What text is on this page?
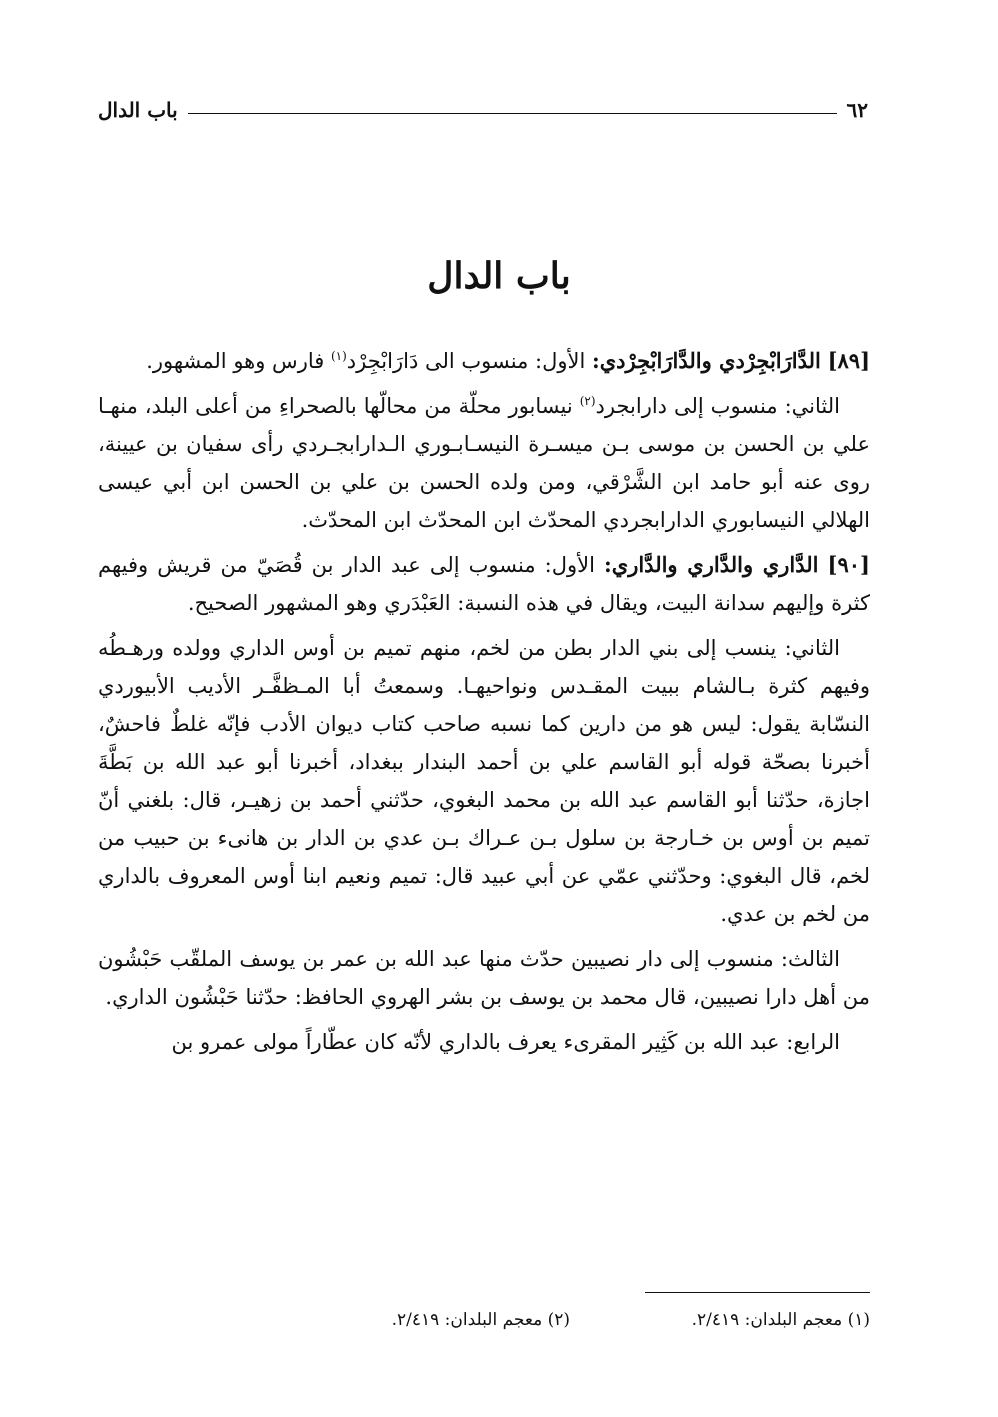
٦٢
باب الدال
باب الدال

[٨٩] الدَّارَابْجِرْدي والدَّارَابْجِرْدي: الأول: منسوب الى دَارَابْجِرْد$^{(١)}$ فارس وهو المشهور.

الثاني: منسوب إلى دارابجرد$^{(٢)}$ نيسابور محلّة من محالّها بالصحراءِ من أعلى البلد، منهـا علي بن الحسن بن موسى بـن ميسـرة النيسـابـوري الـدارابجـردي رأى سفيان بن عيينة، روى عنه أبو حامد ابن الشَّرْقي، ومن ولده الحسن بن علي بن الحسن ابن أبي عيسى الهلالي النيسابوري الدارابجردي المحدّث ابن المحدّث ابن المحدّث.

[٩٠] الدَّاري والدَّاري والدَّاري: الأول: منسوب إلى عبد الدار بن قُصَيّ من قريش وفيهم كثرة وإليهم سدانة البيت، ويقال في هذه النسبة: العَبْدَري وهو المشهور الصحيح.

الثاني: ينسب إلى بني الدار بطن من لخم، منهم تميم بن أوس الداري وولده ورهـطُه وفيهم كثرة بـالشام ببيت المقـدس ونواحيهـا. وسمعتُ أبا المـظفَّـر الأديب الأبيوردي النسّابة يقول: ليس هو من دارين كما نسبه صاحب كتاب ديوان الأدب فإنّه غلطٌ فاحشٌ، أخبرنا بصحّة قوله أبو القاسم علي بن أحمد البندار ببغداد، أخبرنا أبو عبد الله بن بَطَّةَ اجازة، حدّثنا أبو القاسم عبد الله بن محمد البغوي، حدّثني أحمد بن زهيـر، قال: بلغني أنّ تميم بن أوس بن خـارجة بن سلول بـن عـراك بـن عدي بن الدار بن هانىء بن حبيب من لخم، قال البغوي: وحدّثني عمّي عن أبي عبيد قال: تميم ونعيم ابنا أوس المعروف بالداري من لخم بن عدي.

الثالث: منسوب إلى دار نصيبين حدّث منها عبد الله بن عمر بن يوسف الملقّب حَبْشُون من أهل دارا نصيبين، قال محمد بن يوسف بن بشر الهروي الحافظ: حدّثنا حَبْشُون الداري.

الرابع: عبد الله بن كَثِير المقرىء يعرف بالداري لأنّه كان عطّاراً مولى عمرو بن

(١) معجم البلدان: ٢/٤١٩.
(٢) معجم البلدان: ٢/٤١٩.
